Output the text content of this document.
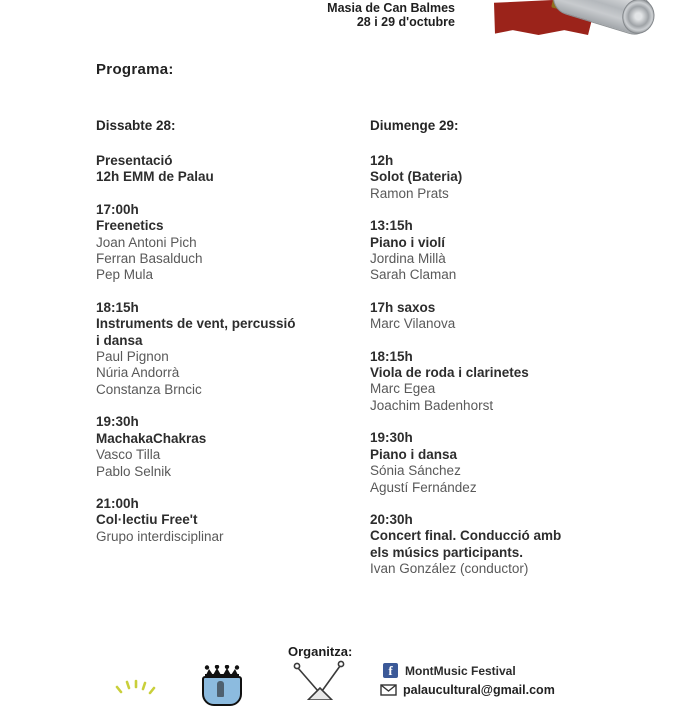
Masia de Can Balmes
28 i 29 d'octubre
Programa:
Dissabte 28:
Presentació
12h EMM de Palau
17:00h
Freenetics
Joan Antoni Pich
Ferran Basalduch
Pep Mula
18:15h
Instruments de vent, percussió
i dansa
Paul Pignon
Núria Andorrà
Constanza Brncic
19:30h
MachakaChakras
Vasco Tilla
Pablo Selnik
21:00h
Col·lectiu Free't
Grupo interdisciplinar
Diumenge 29:
12h
Solot (Bateria)
Ramon Prats
13:15h
Piano i violí
Jordina Millà
Sarah Claman
17h saxos
Marc Vilanova
18:15h
Viola de roda i clarinetes
Marc Egea
Joachim Badenhorst
19:30h
Piano i dansa
Sónia Sánchez
Agustí Fernández
20:30h
Concert final. Conducció amb
els músics participants.
Ivan González (conductor)
Organitza:
f	MontMusic Festival
palaucultural@gmail.com
